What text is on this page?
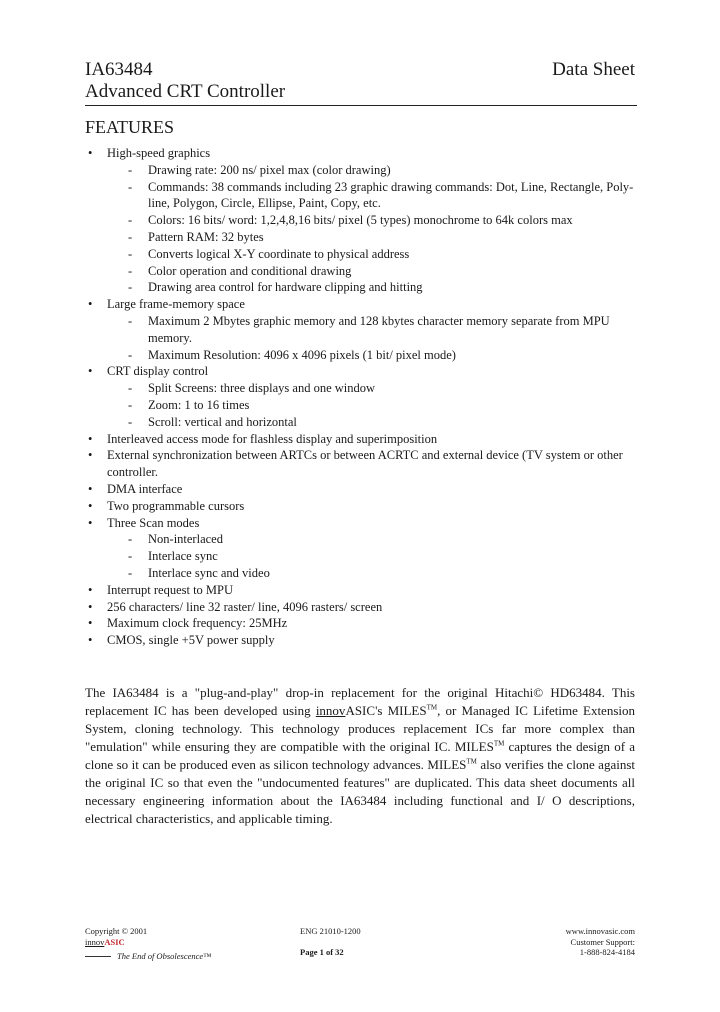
IA63484
Advanced CRT Controller
Data Sheet
FEATURES
• High-speed graphics
- Drawing rate: 200 ns/ pixel max (color drawing)
- Commands: 38 commands including 23 graphic drawing commands: Dot, Line, Rectangle, Poly-line, Polygon, Circle, Ellipse, Paint, Copy, etc.
- Colors: 16 bits/ word: 1,2,4,8,16 bits/ pixel (5 types) monochrome to 64k colors max
- Pattern RAM: 32 bytes
- Converts logical X-Y coordinate to physical address
- Color operation and conditional drawing
- Drawing area control for hardware clipping and hitting
• Large frame-memory space
- Maximum 2 Mbytes graphic memory and 128 kbytes character memory separate from MPU memory.
- Maximum Resolution: 4096 x 4096 pixels (1 bit/ pixel mode)
• CRT display control
- Split Screens: three displays and one window
- Zoom: 1 to 16 times
- Scroll: vertical and horizontal
• Interleaved access mode for flashless display and superimposition
• External synchronization between ARTCs or between ACRTC and external device (TV system or other controller.
• DMA interface
• Two programmable cursors
• Three Scan modes
- Non-interlaced
- Interlace sync
- Interlace sync and video
• Interrupt request to MPU
• 256 characters/ line 32 raster/ line, 4096 rasters/ screen
• Maximum clock frequency: 25MHz
• CMOS, single +5V power supply
The IA63484 is a "plug-and-play" drop-in replacement for the original Hitachi© HD63484. This replacement IC has been developed using innovASIC's MILES™, or Managed IC Lifetime Extension System, cloning technology. This technology produces replacement ICs far more complex than "emulation" while ensuring they are compatible with the original IC. MILES™ captures the design of a clone so it can be produced even as silicon technology advances. MILES™ also verifies the clone against the original IC so that even the "undocumented features" are duplicated. This data sheet documents all necessary engineering information about the IA63484 including functional and I/ O descriptions, electrical characteristics, and applicable timing.
Copyright © 2001
innovASIC
The End of Obsolescence™
ENG 21010-1200
Page 1 of 32
www.innovasic.com
Customer Support:
1-888-824-4184
